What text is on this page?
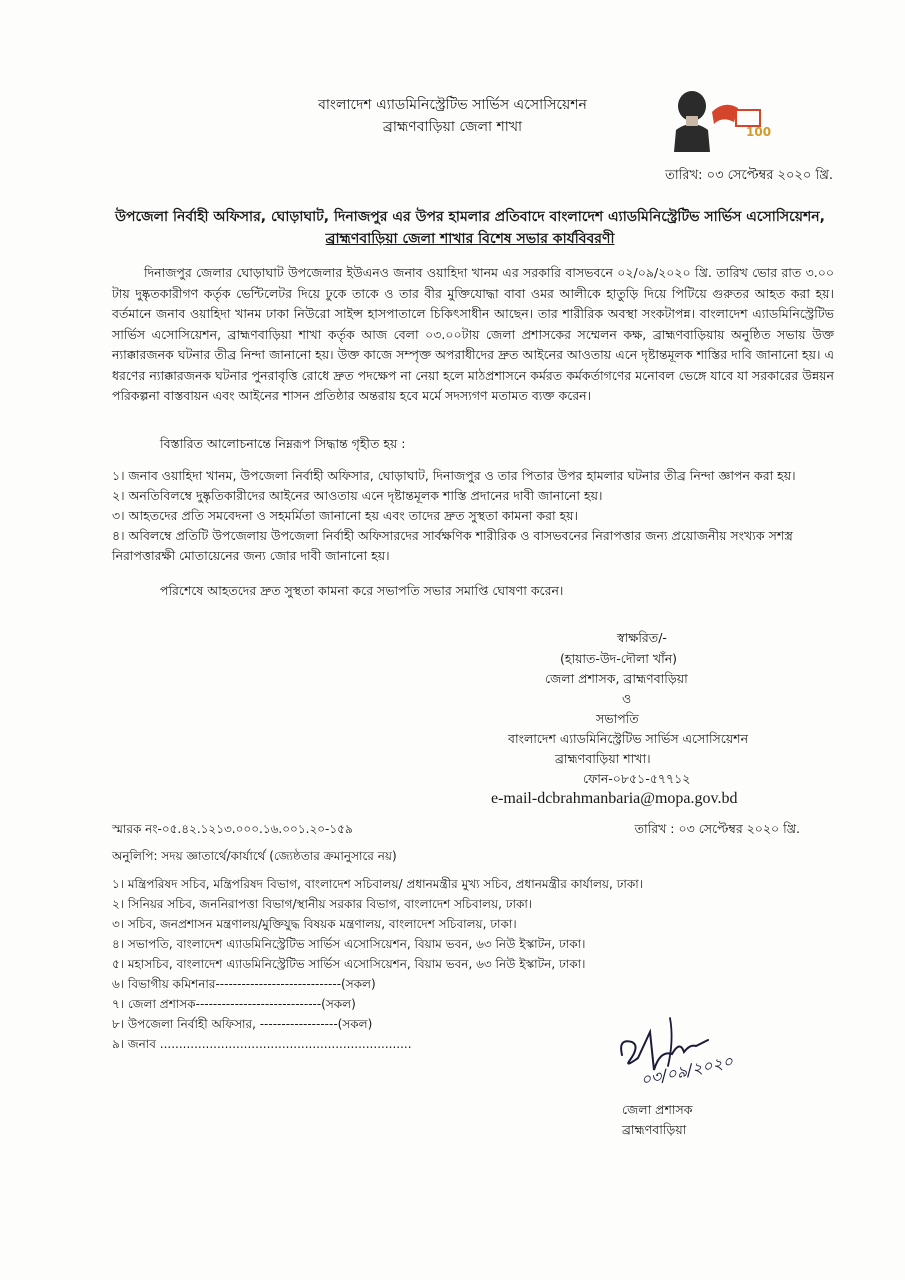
বাংলাদেশ এ্যাডমিনিস্ট্রেটিভ সার্ভিস এসোসিয়েশন
ব্রাহ্মণবাড়িয়া জেলা শাখা	100
তারিখ: ০৩ সেপ্টেম্বর ২০২০ খ্রি.
উপজেলা নির্বাহী অফিসার, ঘোড়াঘাট, দিনাজপুর এর উপর হামলার প্রতিবাদে বাংলাদেশ এ্যাডমিনিস্ট্রেটিভ সার্ভিস এসোসিয়েশন,
ব্রাহ্মণবাড়িয়া জেলা শাখার বিশেষ সভার কার্যবিবরণী
দিনাজপুর জেলার ঘোড়াঘাট উপজেলার ইউএনও জনাব ওয়াহিদা খানম এর সরকারি বাসভবনে ০২/০৯/২০২০ খ্রি. তারিখ ভোর রাত ৩.০০ টায় দুষ্কৃতকারীগণ কর্তৃক ভেন্টিলেটর দিয়ে ঢুকে তাকে ও তার বীর মুক্তিযোদ্ধা বাবা ওমর আলীকে হাতুড়ি দিয়ে পিটিয়ে গুরুতর আহত করা হয়। বর্তমানে জনাব ওয়াহিদা খানম ঢাকা নিউরো সাইন্স হাসপাতালে চিকিৎসাধীন আছেন। তার শারীরিক অবস্থা সংকটাপন্ন। বাংলাদেশ এ্যাডমিনিস্ট্রেটিভ সার্ভিস এসোসিয়েশন, ব্রাহ্মণবাড়িয়া শাখা কর্তৃক আজ বেলা ০৩.০০টায় জেলা প্রশাসকের সম্মেলন কক্ষ, ব্রাহ্মণবাড়িয়ায় অনুষ্ঠিত সভায় উক্ত ন্যাক্কারজনক ঘটনার তীব্র নিন্দা জানানো হয়। উক্ত কাজে সম্পৃক্ত অপরাধীদের দ্রুত আইনের আওতায় এনে দৃষ্টান্তমূলক শাস্তির দাবি জানানো হয়। এ ধরণের ন্যাক্কারজনক ঘটনার পুনরাবৃত্তি রোধে দ্রুত পদক্ষেপ না নেয়া হলে মাঠপ্রশাসনে কর্মরত কর্মকর্তাগণের মনোবল ভেঙ্গে যাবে যা সরকারের উন্নয়ন পরিকল্পনা বাস্তবায়ন এবং আইনের শাসন প্রতিষ্ঠার অন্তরায় হবে মর্মে সদস্যগণ মতামত ব্যক্ত করেন।
বিস্তারিত আলোচনান্তে নিম্নরূপ সিদ্ধান্ত গৃহীত হয় :
১। জনাব ওয়াহিদা খানম, উপজেলা নির্বাহী অফিসার, ঘোড়াঘাট, দিনাজপুর ও তার পিতার উপর হামলার ঘটনার তীব্র নিন্দা জ্ঞাপন করা হয়।
২। অনতিবিলম্বে দুষ্কৃতিকারীদের আইনের আওতায় এনে দৃষ্টান্তমূলক শাস্তি প্রদানের দাবী জানানো হয়।
৩। আহতদের প্রতি সমবেদনা ও সহমর্মিতা জানানো হয় এবং তাদের দ্রুত সুস্থতা কামনা করা হয়।
৪। অবিলম্বে প্রতিটি উপজেলায় উপজেলা নির্বাহী অফিসারদের সার্বক্ষণিক শারীরিক ও বাসভবনের নিরাপত্তার জন্য প্রয়োজনীয় সংখ্যক সশস্ত্র নিরাপত্তারক্ষী মোতায়েনের জন্য জোর দাবী জানানো হয়।
পরিশেষে আহতদের দ্রুত সুস্থতা কামনা করে সভাপতি সভার সমাপ্তি ঘোষণা করেন।
স্বাক্ষরিত/-
(হায়াত-উদ-দৌলা খাঁন)
জেলা প্রশাসক, ব্রাহ্মণবাড়িয়া
ও
সভাপতি
বাংলাদেশ এ্যাডমিনিস্ট্রেটিভ সার্ভিস এসোসিয়েশন
ব্রাহ্মণবাড়িয়া শাখা।
ফোন-০৮৫১-৫৭৭১২
e-mail-dcbrahmanbaria@mopa.gov.bd
স্মারক নং-০৫.৪২.১২১৩.০০০.১৬.০০১.২০-১৫৯	তারিখ : ০৩ সেপ্টেম্বর ২০২০ খ্রি.
অনুলিপি: সদয় জ্ঞাতার্থে/কার্যার্থে (জ্যেষ্ঠতার ক্রমানুসারে নয়)
১। মন্ত্রিপরিষদ সচিব, মন্ত্রিপরিষদ বিভাগ, বাংলাদেশ সচিবালয়/ প্রধানমন্ত্রীর মুখ্য সচিব, প্রধানমন্ত্রীর কার্যালয়, ঢাকা।
২। সিনিয়র সচিব, জননিরাপত্তা বিভাগ/স্থানীয় সরকার বিভাগ, বাংলাদেশ সচিবালয়, ঢাকা।
৩। সচিব, জনপ্রশাসন মন্ত্রণালয়/মুক্তিযুদ্ধ বিষয়ক মন্ত্রণালয়, বাংলাদেশ সচিবালয়, ঢাকা।
৪। সভাপতি, বাংলাদেশ এ্যাডমিনিস্ট্রেটিভ সার্ভিস এসোসিয়েশন, বিয়াম ভবন, ৬৩ নিউ ইস্কাটন, ঢাকা।
৫। মহাসচিব, বাংলাদেশ এ্যাডমিনিস্ট্রেটিভ সার্ভিস এসোসিয়েশন, বিয়াম ভবন, ৬৩ নিউ ইস্কাটন, ঢাকা।
৬। বিভাগীয় কমিশনার-----------------------------(সকল)
৭। জেলা প্রশাসক-----------------------------(সকল)
৮। উপজেলা নির্বাহী অফিসার, ------------------(সকল)
৯। জনাব ..................................................................
০৩/০৯/২০২০
জেলা প্রশাসক
ব্রাহ্মণবাড়িয়া
